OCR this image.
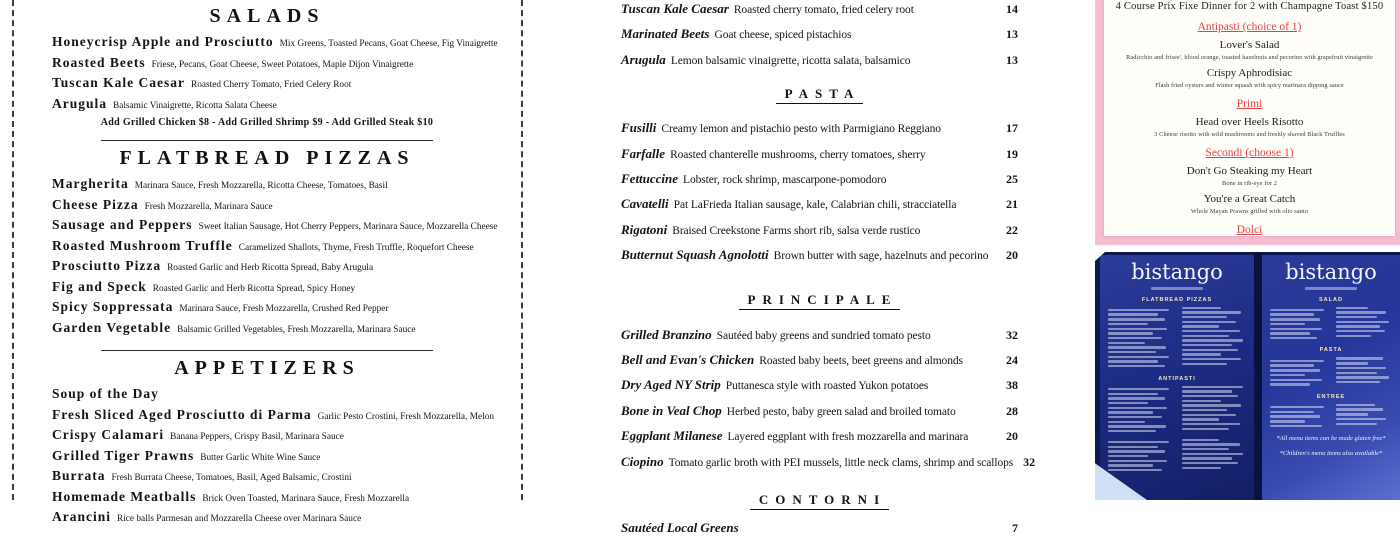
SALADS
Honeycrisp Apple and Prosciutto Mix Greens, Toasted Pecans, Goat Cheese, Fig Vinaigrette
Roasted Beets Friese, Pecans, Goat Cheese, Sweet Potatoes, Maple Dijon Vinaigrette
Tuscan Kale Caesar Roasted Cherry Tomato, Fried Celery Root
Arugula Balsamic Vinaigrette, Ricotta Salata Cheese
Add Grilled Chicken $8 - Add Grilled Shrimp $9 - Add Grilled Steak $10
FLATBREAD PIZZAS
Margherita Marinara Sauce, Fresh Mozzarella, Ricotta Cheese, Tomatoes, Basil
Cheese Pizza Fresh Mozzarella, Marinara Sauce
Sausage and Peppers Sweet Italian Sausage, Hot Cherry Peppers, Marinara Sauce, Mozzarella Cheese
Roasted Mushroom Truffle Caramelized Shallots, Thyme, Fresh Truffle, Roquefort Cheese
Prosciutto Pizza Roasted Garlic and Herb Ricotta Spread, Baby Arugula
Fig and Speck Roasted Garlic and Herb Ricotta Spread, Spicy Honey
Spicy Soppressata Marinara Sauce, Fresh Mozzarella, Crushed Red Pepper
Garden Vegetable Balsamic Grilled Vegetables, Fresh Mozzarella, Marinara Sauce
APPETIZERS
Soup of the Day
Fresh Sliced Aged Prosciutto di Parma Garlic Pesto Crostini, Fresh Mozzarella, Melon
Crispy Calamari Banana Peppers, Crispy Basil, Marinara Sauce
Grilled Tiger Prawns Butter Garlic White Wine Sauce
Burrata Fresh Burrata Cheese, Tomatoes, Basil, Aged Balsamic, Crostini
Homemade Meatballs Brick Oven Toasted, Marinara Sauce, Fresh Mozzarella
Arancini Rice balls Parmesan and Mozzarella Cheese over Marinara Sauce
Tuscan Kale Caesar Roasted cherry tomato, fried celery root	14
Marinated Beets Goat cheese, spiced pistachios	13
Arugula Lemon balsamic vinaigrette, ricotta salata, balsamico	13
PASTA
Fusilli Creamy lemon and pistachio pesto with Parmigiano Reggiano	17
Farfalle Roasted chanterelle mushrooms, cherry tomatoes, sherry	19
Fettuccine Lobster, rock shrimp, mascarpone-pomodoro	25
Cavatelli Pat LaFrieda Italian sausage, kale, Calabrian chili, stracciatella	21
Rigatoni Braised Creekstone Farms short rib, salsa verde rustico	22
Butternut Squash Agnolotti Brown butter with sage, hazelnuts and pecorino	20
PRINCIPALE
Grilled Branzino Sautéed baby greens and sundried tomato pesto	32
Bell and Evan's Chicken Roasted baby beets, beet greens and almonds	24
Dry Aged NY Strip Puttanesca style with roasted Yukon potatoes	38
Bone in Veal Chop Herbed pesto, baby green salad and broiled tomato	28
Eggplant Milanese Layered eggplant with fresh mozzarella and marinara	20
Ciopino Tomato garlic broth with PEI mussels, little neck clams, shrimp and scallops 32
CONTORNI
Sautéed Local Greens	7
4 Course Prix Fixe Dinner for 2 with Champagne Toast $150
Antipasti (choice of 1)
Lover's Salad
Radicchio and frisee', blood orange, toasted hazelnuts and pecorino with grapefruit vinaigrette
Crispy Aphrodisiac
Flash fried oysters and winter squash with spicy marinara dipping sauce
Primi
Head over Heels Risotto
3 Cheese risotto with wild mushrooms and freshly shaved Black Truffles
Secondi (choose 1)
Don't Go Steaking my Heart
Bone in rib-eye for 2
You're a Great Catch
Whole Mayan Prawns grilled with olio santo
Dolci
bistango
FLATBREAD PIZZAS
ANTIPASTI
bistango
SALAD
PASTA
ENTREE
*All menu items can be made gluten free*
*Children's menu items also available*
